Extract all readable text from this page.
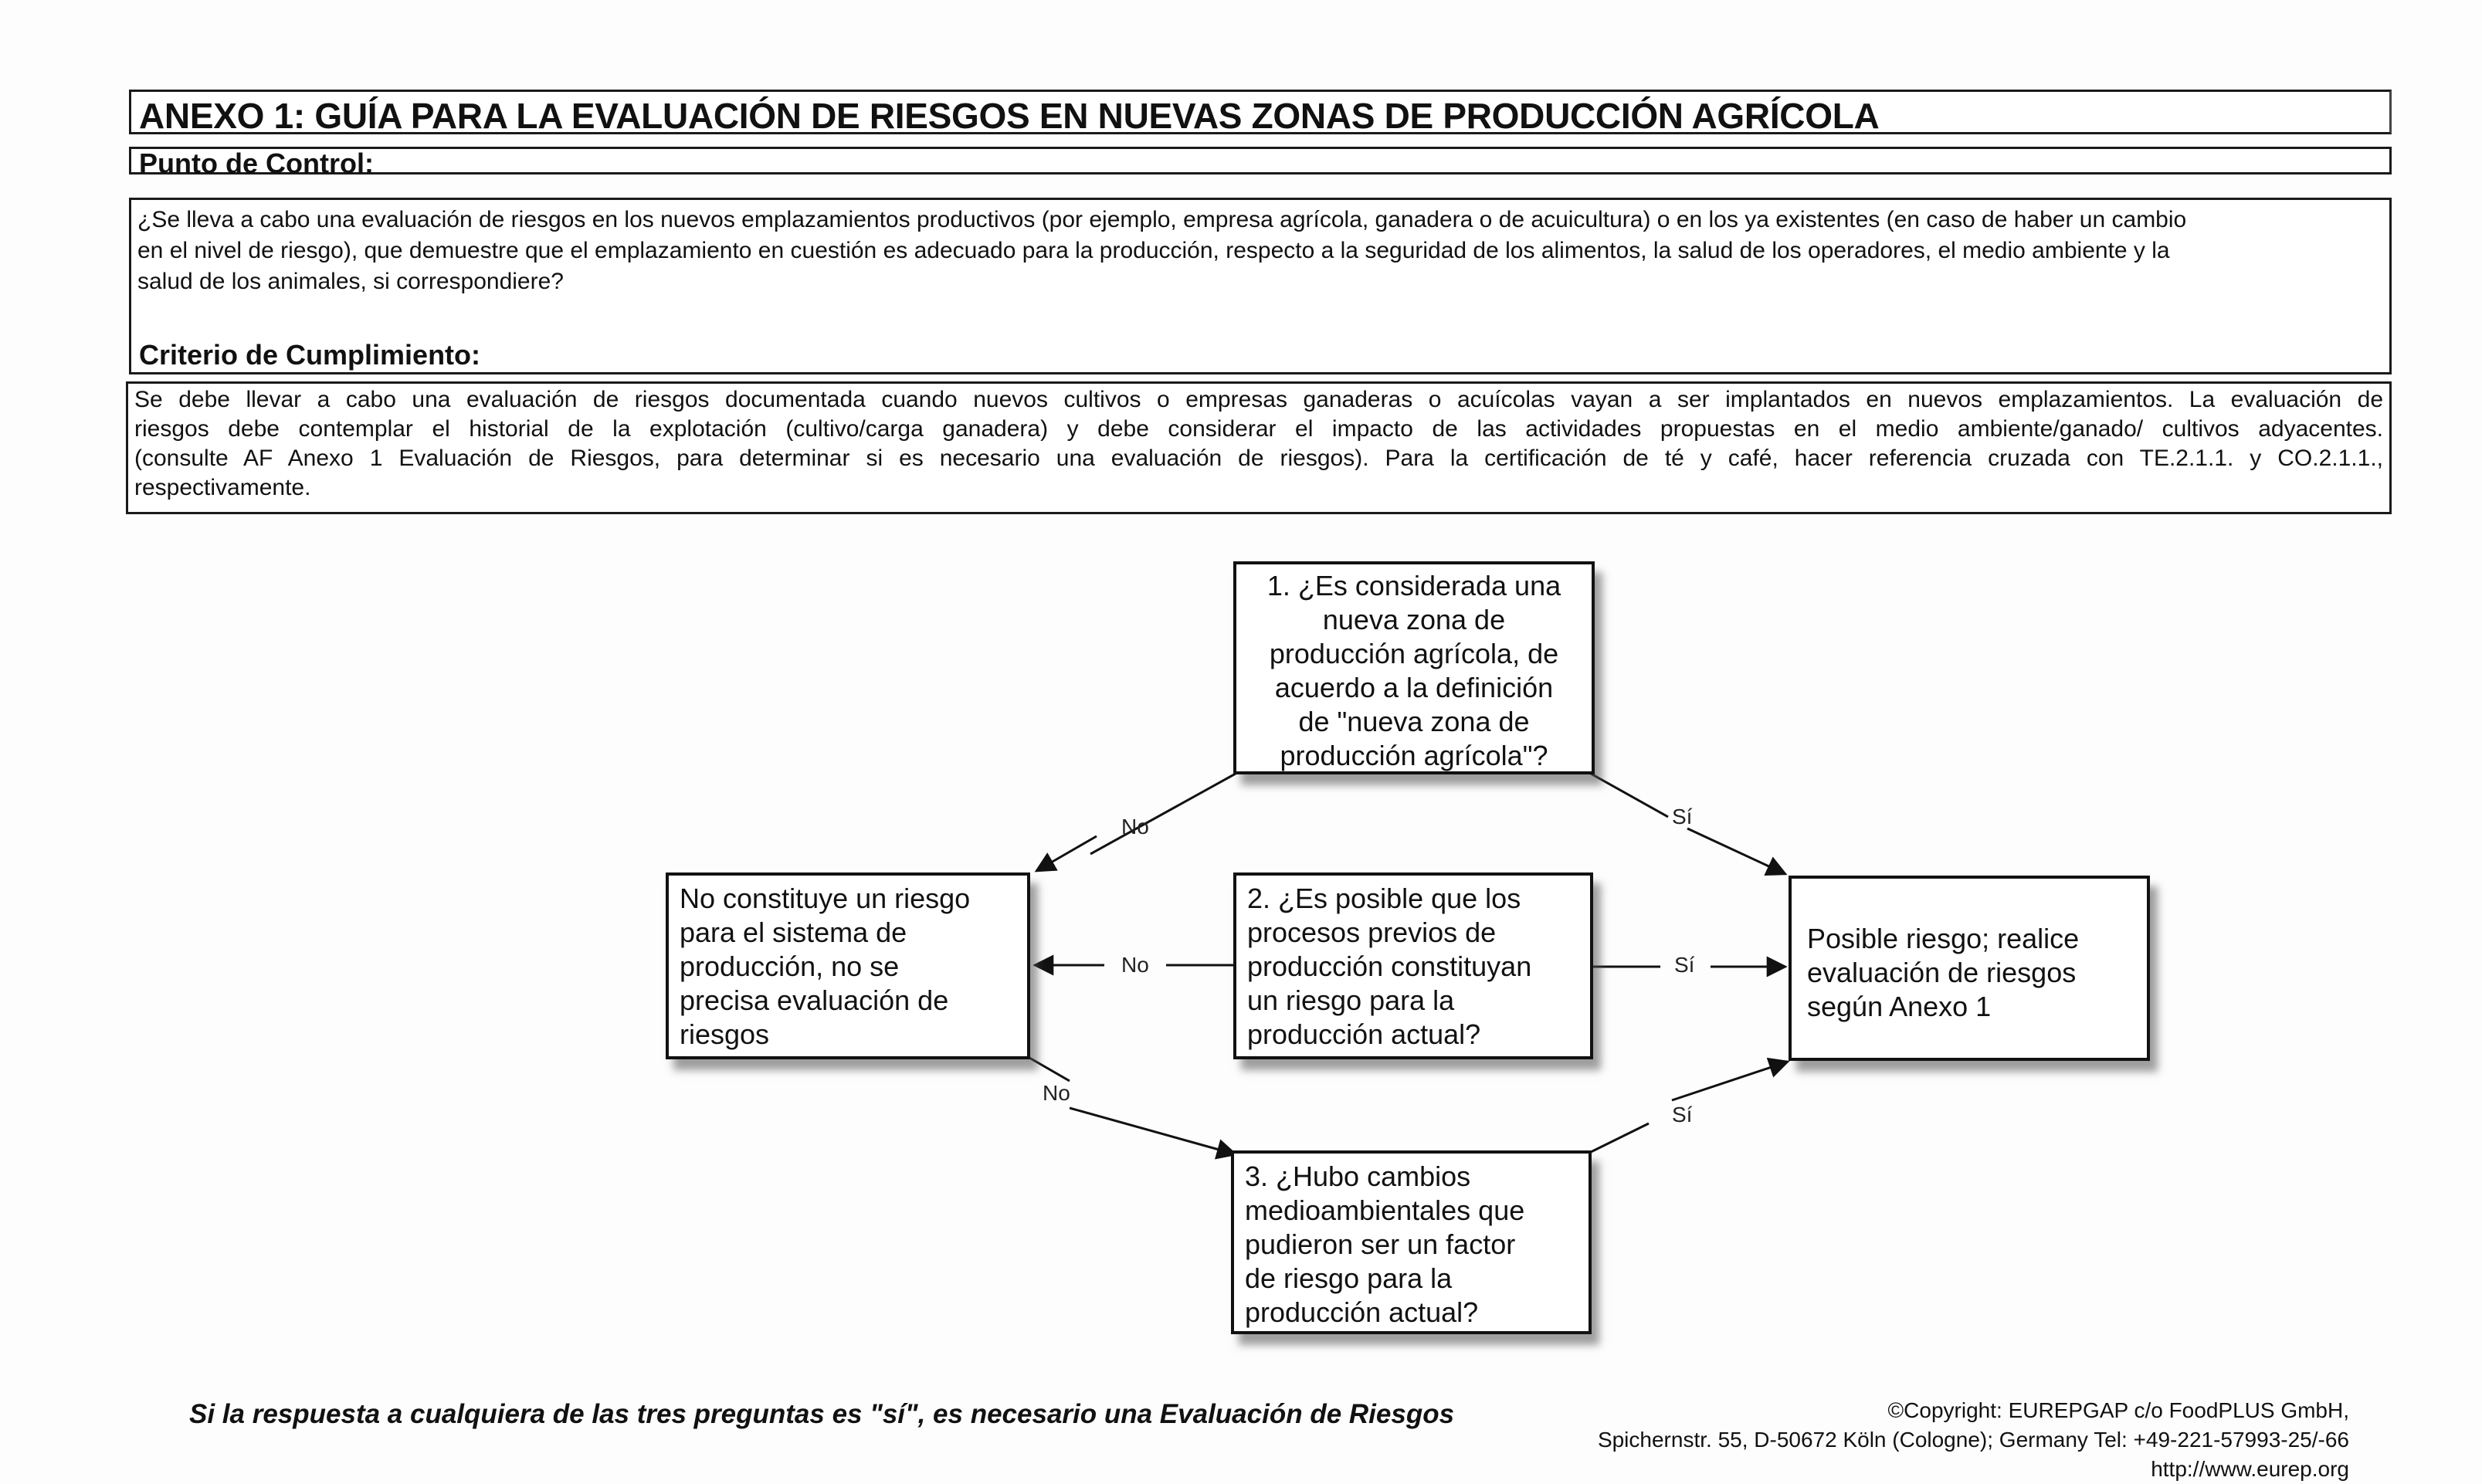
ANEXO 1: GUÍA PARA LA EVALUACIÓN DE RIESGOS EN NUEVAS ZONAS DE PRODUCCIÓN AGRÍCOLA
Punto de Control:
¿Se lleva a cabo una evaluación de riesgos en los nuevos emplazamientos productivos (por ejemplo, empresa agrícola, ganadera o de acuicultura) o en los ya existentes (en caso de haber un cambio
en el nivel de riesgo), que demuestre que el emplazamiento en cuestión es adecuado para la producción, respecto a la seguridad de los alimentos, la salud de los operadores, el medio ambiente y la
salud de los animales, si correspondiere?
Criterio de Cumplimiento:
Se debe llevar a cabo una evaluación de riesgos documentada cuando nuevos cultivos o empresas ganaderas o acuícolas vayan a ser implantados en nuevos emplazamientos. La evaluación de
riesgos debe contemplar el historial de la explotación (cultivo/carga ganadera) y debe considerar el impacto de las actividades propuestas en el medio ambiente/ganado/ cultivos adyacentes.
(consulte AF Anexo 1 Evaluación de Riesgos, para determinar si es necesario una evaluación de riesgos). Para la certificación de té y café, hacer referencia cruzada con TE.2.1.1. y CO.2.1.1.,
respectivamente.
No	Sí
No	Sí
No
Sí
1. ¿Es considerada una
nueva zona de
producción agrícola, de
acuerdo a la definición
de "nueva zona de
producción agrícola"?
No constituye un riesgo
para el sistema de
producción, no se
precisa evaluación de
riesgos
2. ¿Es posible que los
procesos previos de
producción constituyan
un riesgo para la
producción actual?
Posible riesgo; realice
evaluación de riesgos
según Anexo 1
3. ¿Hubo cambios
medioambientales que
pudieron ser un factor
de riesgo para la
producción actual?
Si la respuesta a cualquiera de las tres preguntas es "sí", es necesario una Evaluación de Riesgos	©Copyright: EUREPGAP c/o FoodPLUS GmbH,
Spichernstr. 55, D-50672 Köln (Cologne); Germany Tel: +49-221-57993-25/-66
http://www.eurep.org
